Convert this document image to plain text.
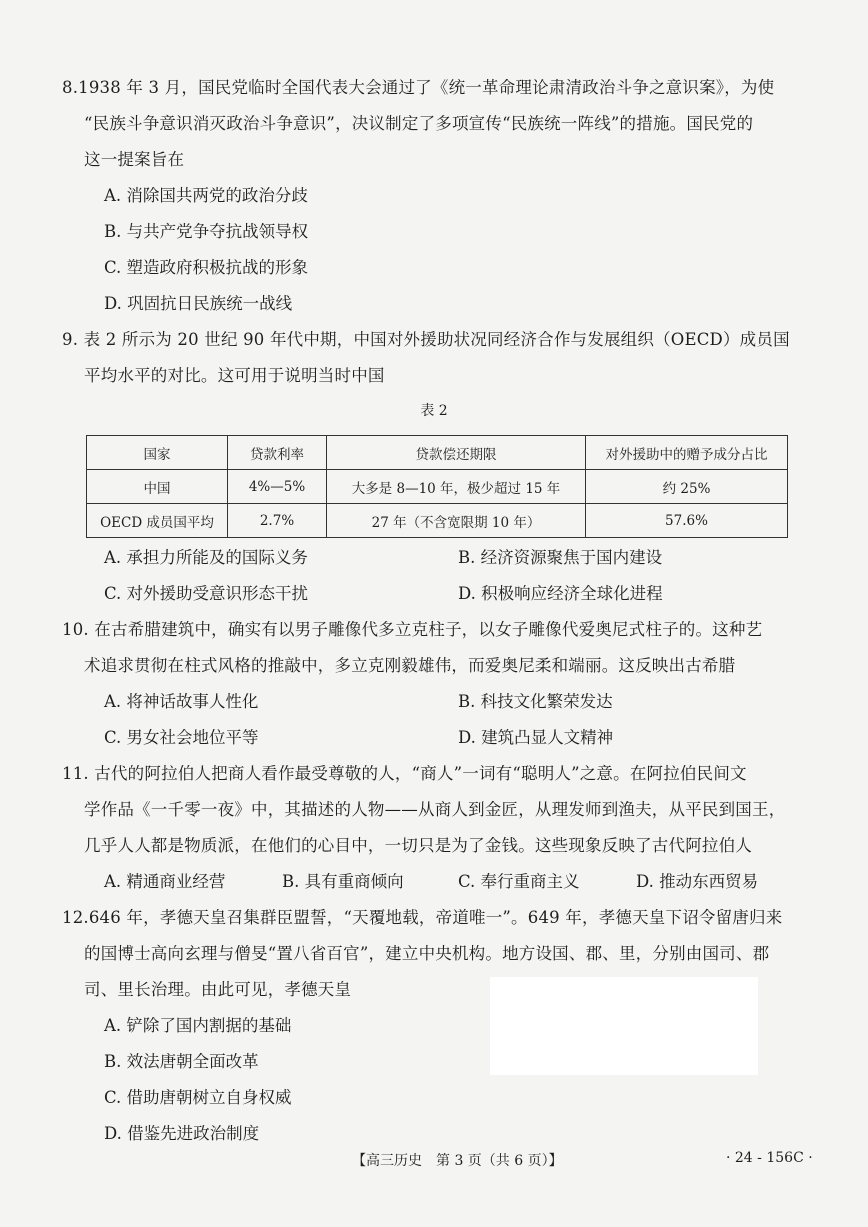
8.1938 年 3 月，国民党临时全国代表大会通过了《统一革命理论肃清政治斗争之意识案》，为使

“民族斗争意识消灭政治斗争意识”，决议制定了多项宣传“民族统一阵线”的措施。国民党的

这一提案旨在

A. 消除国共两党的政治分歧
B. 与共产党争夺抗战领导权
C. 塑造政府积极抗战的形象
D. 巩固抗日民族统一战线

9. 表 2 所示为 20 世纪 90 年代中期，中国对外援助状况同经济合作与发展组织（OECD）成员国

平均水平的对比。这可用于说明当时中国

表 2
国家	贷款利率	贷款偿还期限	对外援助中的赠予成分占比
中国	4%—5%	大多是 8—10 年，极少超过 15 年	约 25%
OECD 成员国平均	2.7%	27 年（不含宽限期 10 年）	57.6%
A. 承担力所能及的国际义务	B. 经济资源聚焦于国内建设
C. 对外援助受意识形态干扰	D. 积极响应经济全球化进程

10. 在古希腊建筑中，确实有以男子雕像代多立克柱子，以女子雕像代爱奥尼式柱子的。这种艺

术追求贯彻在柱式风格的推敲中，多立克刚毅雄伟，而爱奥尼柔和端丽。这反映出古希腊

A. 将神话故事人性化	B. 科技文化繁荣发达
C. 男女社会地位平等	D. 建筑凸显人文精神

11. 古代的阿拉伯人把商人看作最受尊敬的人，“商人”一词有“聪明人”之意。在阿拉伯民间文

学作品《一千零一夜》中，其描述的人物——从商人到金匠，从理发师到渔夫，从平民到国王，

几乎人人都是物质派，在他们的心目中，一切只是为了金钱。这些现象反映了古代阿拉伯人

A. 精通商业经营	B. 具有重商倾向	C. 奉行重商主义	D. 推动东西贸易

12.646 年，孝德天皇召集群臣盟誓，“天覆地载，帝道唯一”。649 年，孝德天皇下诏令留唐归来

的国博士高向玄理与僧旻“置八省百官”，建立中央机构。地方设国、郡、里，分别由国司、郡

司、里长治理。由此可见，孝德天皇

A. 铲除了国内割据的基础
B. 效法唐朝全面改革
C. 借助唐朝树立自身权威
D. 借鉴先进政治制度
【高三历史　第 3 页（共 6 页）】	· 24 - 156C ·
